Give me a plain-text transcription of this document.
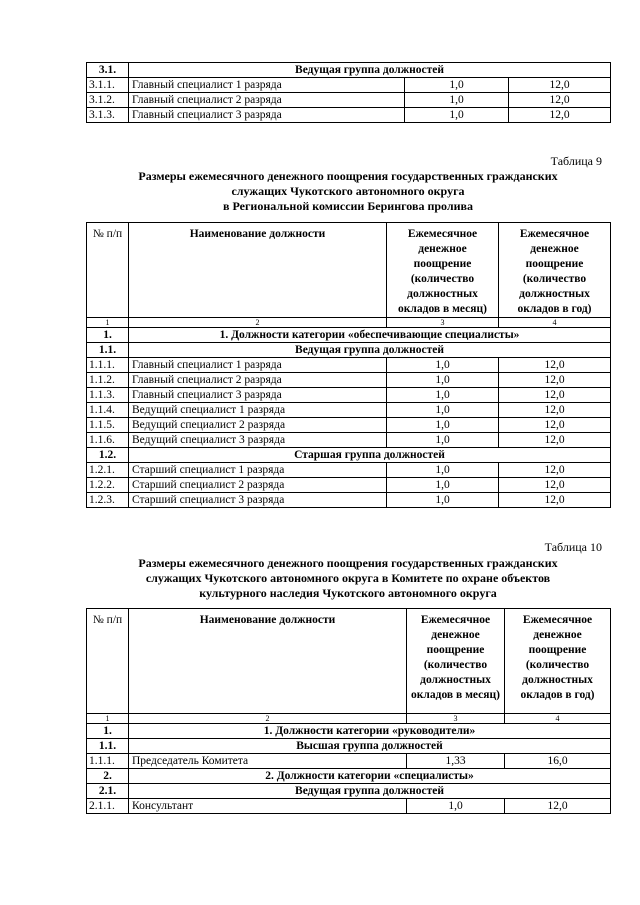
3.1.	Ведущая группа должностей		
3.1.1.	Главный специалист 1 разряда	1,0	12,0
3.1.2.	Главный специалист 2 разряда	1,0	12,0
3.1.3.	Главный специалист 3 разряда	1,0	12,0
Таблица 9
Размеры ежемесячного денежного поощрения государственных гражданских
служащих Чукотского автономного округа
в Региональной комиссии Берингова пролива
№ п/п	Наименование должности	Ежемесячное денежное поощрение (количество должностных окладов в месяц)	Ежемесячное денежное поощрение (количество должностных окладов в год)
1	2	3	4
1.	1. Должности категории «обеспечивающие специалисты»		
1.1.	Ведущая группа должностей		
1.1.1.	Главный специалист 1 разряда	1,0	12,0
1.1.2.	Главный специалист 2 разряда	1,0	12,0
1.1.3.	Главный специалист 3 разряда	1,0	12,0
1.1.4.	Ведущий специалист 1 разряда	1,0	12,0
1.1.5.	Ведущий специалист 2 разряда	1,0	12,0
1.1.6.	Ведущий специалист 3 разряда	1,0	12,0
1.2.	Старшая группа должностей		
1.2.1.	Старший специалист 1 разряда	1,0	12,0
1.2.2.	Старший специалист 2 разряда	1,0	12,0
1.2.3.	Старший специалист 3 разряда	1,0	12,0
Таблица 10
Размеры ежемесячного денежного поощрения государственных гражданских
служащих Чукотского автономного округа в Комитете по охране объектов
культурного наследия Чукотского автономного округа
№ п/п	Наименование должности	Ежемесячное денежное поощрение (количество должностных окладов в месяц)	Ежемесячное денежное поощрение (количество должностных окладов в год)
1	2	3	4
1.	1. Должности категории «руководители»		
1.1.	Высшая группа должностей		
1.1.1.	Председатель Комитета	1,33	16,0
2.	2. Должности категории «специалисты»		
2.1.	Ведущая группа должностей		
2.1.1.	Консультант	1,0	12,0
